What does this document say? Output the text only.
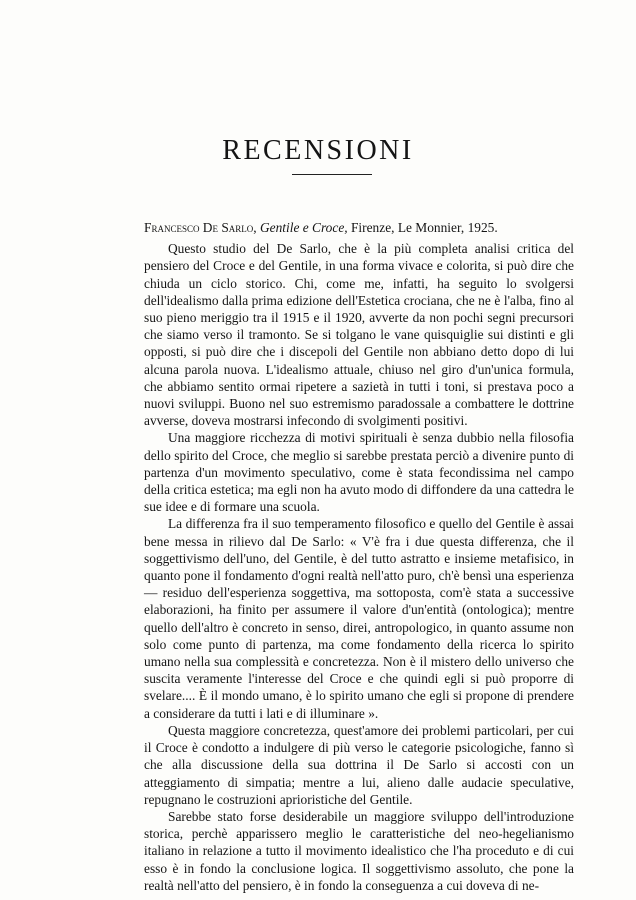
RECENSIONI

Francesco De Sarlo, Gentile e Croce, Firenze, Le Monnier, 1925.

Questo studio del De Sarlo, che è la più completa analisi critica del pensiero del Croce e del Gentile, in una forma vivace e colorita, si può dire che chiuda un ciclo storico. Chi, come me, infatti, ha seguito lo svolgersi dell'idealismo dalla prima edizione dell'Estetica crociana, che ne è l'alba, fino al suo pieno meriggio tra il 1915 e il 1920, avverte da non pochi segni precursori che siamo verso il tramonto. Se si tolgano le vane quisquiglie sui distinti e gli opposti, si può dire che i discepoli del Gentile non abbiano detto dopo di lui alcuna parola nuova. L'idealismo attuale, chiuso nel giro d'un'unica formula, che abbiamo sentito ormai ripetere a sazietà in tutti i toni, si prestava poco a nuovi sviluppi. Buono nel suo estremismo paradossale a combattere le dottrine avverse, doveva mostrarsi infecondo di svolgimenti positivi.

Una maggiore ricchezza di motivi spirituali è senza dubbio nella filosofia dello spirito del Croce, che meglio si sarebbe prestata perciò a divenire punto di partenza d'un movimento speculativo, come è stata fecondissima nel campo della critica estetica; ma egli non ha avuto modo di diffondere da una cattedra le sue idee e di formare una scuola.

La differenza fra il suo temperamento filosofico e quello del Gentile è assai bene messa in rilievo dal De Sarlo: « V'è fra i due questa differenza, che il soggettivismo dell'uno, del Gentile, è del tutto astratto e insieme metafisico, in quanto pone il fondamento d'ogni realtà nell'atto puro, ch'è bensì una esperienza — residuo dell'esperienza soggettiva, ma sottoposta, com'è stata a successive elaborazioni, ha finito per assumere il valore d'un'entità (ontologica); mentre quello dell'altro è concreto in senso, direi, antropologico, in quanto assume non solo come punto di partenza, ma come fondamento della ricerca lo spirito umano nella sua complessità e concretezza. Non è il mistero dello universo che suscita veramente l'interesse del Croce e che quindi egli si può proporre di svelare.... È il mondo umano, è lo spirito umano che egli si propone di prendere a considerare da tutti i lati e di illuminare ».

Questa maggiore concretezza, quest'amore dei problemi particolari, per cui il Croce è condotto a indulgere di più verso le categorie psicologiche, fanno sì che alla discussione della sua dottrina il De Sarlo si accosti con un atteggiamento di simpatia; mentre a lui, alieno dalle audacie speculative, repugnano le costruzioni aprioristiche del Gentile.

Sarebbe stato forse desiderabile un maggiore sviluppo dell'introduzione storica, perchè apparissero meglio le caratteristiche del neo-hegelianismo italiano in relazione a tutto il movimento idealistico che l'ha proceduto e di cui esso è in fondo la conclusione logica. Il soggettivismo assoluto, che pone la realtà nell'atto del pensiero, è in fondo la conseguenza a cui doveva di ne-
